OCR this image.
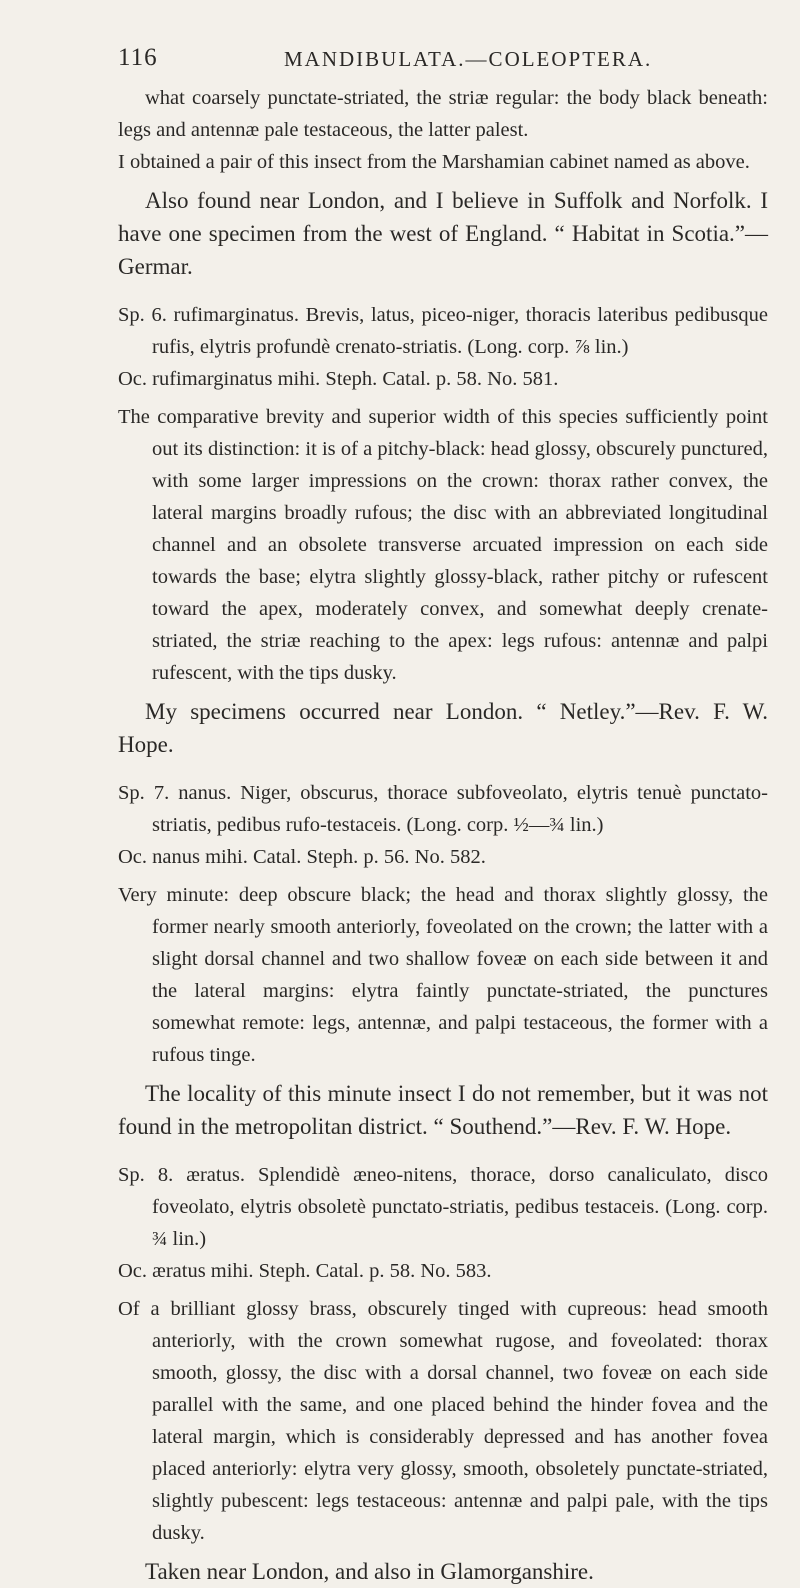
116	MANDIBULATA.—COLEOPTERA.

what coarsely punctate-striated, the striæ regular: the body black beneath: legs and antennæ pale testaceous, the latter palest.

I obtained a pair of this insect from the Marshamian cabinet named as above.

Also found near London, and I believe in Suffolk and Norfolk. I have one specimen from the west of England. “ Habitat in Scotia.”—Germar.

Sp. 6. rufimarginatus. Brevis, latus, piceo-niger, thoracis lateribus pedibusque rufis, elytris profundè crenato-striatis. (Long. corp. ⅞ lin.)

Oc. rufimarginatus mihi. Steph. Catal. p. 58. No. 581.

The comparative brevity and superior width of this species sufficiently point out its distinction: it is of a pitchy-black: head glossy, obscurely punctured, with some larger impressions on the crown: thorax rather convex, the lateral margins broadly rufous; the disc with an abbreviated longitudinal channel and an obsolete transverse arcuated impression on each side towards the base; elytra slightly glossy-black, rather pitchy or rufescent toward the apex, moderately convex, and somewhat deeply crenate-striated, the striæ reaching to the apex: legs rufous: antennæ and palpi rufescent, with the tips dusky.

My specimens occurred near London. “ Netley.”—Rev. F. W. Hope.

Sp. 7. nanus. Niger, obscurus, thorace subfoveolato, elytris tenuè punctato-striatis, pedibus rufo-testaceis. (Long. corp. ½—¾ lin.)

Oc. nanus mihi. Catal. Steph. p. 56. No. 582.

Very minute: deep obscure black; the head and thorax slightly glossy, the former nearly smooth anteriorly, foveolated on the crown; the latter with a slight dorsal channel and two shallow foveæ on each side between it and the lateral margins: elytra faintly punctate-striated, the punctures somewhat remote: legs, antennæ, and palpi testaceous, the former with a rufous tinge.

The locality of this minute insect I do not remember, but it was not found in the metropolitan district. “ Southend.”—Rev. F. W. Hope.

Sp. 8. æratus. Splendidè æneo-nitens, thorace, dorso canaliculato, disco foveolato, elytris obsoletè punctato-striatis, pedibus testaceis. (Long. corp. ¾ lin.)

Oc. æratus mihi. Steph. Catal. p. 58. No. 583.

Of a brilliant glossy brass, obscurely tinged with cupreous: head smooth anteriorly, with the crown somewhat rugose, and foveolated: thorax smooth, glossy, the disc with a dorsal channel, two foveæ on each side parallel with the same, and one placed behind the hinder fovea and the lateral margin, which is considerably depressed and has another fovea placed anteriorly: elytra very glossy, smooth, obsoletely punctate-striated, slightly pubescent: legs testaceous: antennæ and palpi pale, with the tips dusky.

Taken near London, and also in Glamorganshire.
